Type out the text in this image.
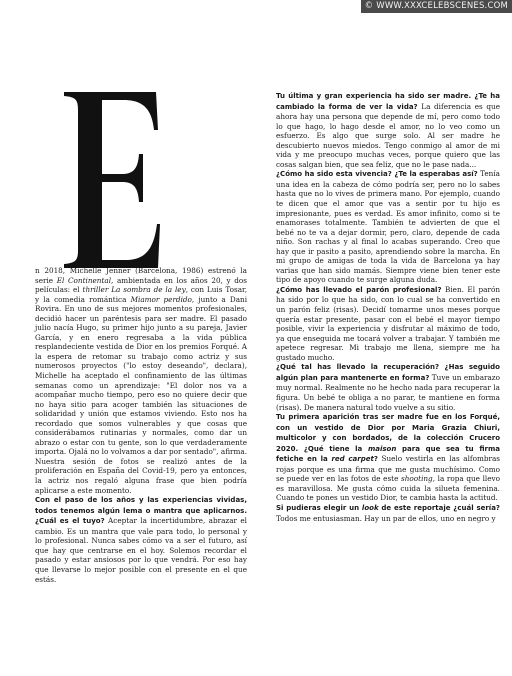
© WWW.XXXCELEBSCENES.COM

n 2018, Michelle Jenner (Barcelona, 1986) estrenó la serie El Continental, ambientada en los años 20, y dos películas: el thriller La sombra de la ley, con Luis Tosar, y la comedia romántica Miamor perdido, junto a Dani Rovira. En uno de sus mejores momentos profesionales, decidió hacer un paréntesis para ser madre. El pasado julio nacía Hugo, su primer hijo junto a su pareja, Javier García, y en enero regresaba a la vida pública resplandeciente vestida de Dior en los premios Forqué. A la espera de retomar su trabajo como actriz y sus numerosos proyectos ("lo estoy deseando", declara), Michelle ha aceptado el confinamiento de las últimas semanas como un aprendizaje: "El dolor nos va a acompañar mucho tiempo, pero eso no quiere decir que no haya sitio para acoger también las situaciones de solidaridad y unión que estamos viviendo. Esto nos ha recordado que somos vulnerables y que cosas que considerábamos rutinarias y normales, como dar un abrazo o estar con tu gente, son lo que verdaderamente importa. Ojalá no lo volvamos a dar por sentado", afirma. Nuestra sesión de fotos se realizó antes de la proliferación en España del Covid-19, pero ya entonces, la actriz nos regaló alguna frase que bien podría aplicarse a este momento.

Con el paso de los años y las experiencias vividas, todos tenemos algún lema o mantra que aplicarnos. ¿Cuál es el tuyo? Aceptar la incertidumbre, abrazar el cambio. Es un mantra que vale para todo, lo personal y lo profesional. Nunca sabes cómo va a ser el futuro, así que hay que centrarse en el hoy. Solemos recordar el pasado y estar ansiosos por lo que vendrá. Por eso hay que llevarse lo mejor posible con el presente en el que estás.

Tu última y gran experiencia ha sido ser madre. ¿Te ha cambiado la forma de ver la vida? La diferencia es que ahora hay una persona que depende de mí, pero como todo lo que hago, lo hago desde el amor, no lo veo como un esfuerzo. Es algo que surge solo. Al ser madre he descubierto nuevos miedos. Tengo conmigo al amor de mi vida y me preocupo muchas veces, porque quiero que las cosas salgan bien, que sea feliz, que no le pase nada...

¿Cómo ha sido esta vivencia? ¿Te la esperabas así? Tenía una idea en la cabeza de cómo podría ser, pero no lo sabes hasta que no lo vives de primera mano. Por ejemplo, cuando te dicen que el amor que vas a sentir por tu hijo es impresionante, pues es verdad. Es amor infinito, como si te enamorases totalmente. También te advierten de que el bebé no te va a dejar dormir, pero, claro, depende de cada niño. Son rachas y al final lo acabas superando. Creo que hay que ir pasito a pasito, aprendiendo sobre la marcha. En mi grupo de amigas de toda la vida de Barcelona ya hay varias que han sido mamás. Siempre viene bien tener este tipo de apoyo cuando te surge alguna duda.

¿Cómo has llevado el parón profesional? Bien. El parón ha sido por lo que ha sido, con lo cual se ha convertido en un parón feliz (risas). Decidí tomarme unos meses porque quería estar presente, pasar con el bebé el mayor tiempo posible, vivir la experiencia y disfrutar al máximo de todo, ya que enseguida me tocará volver a trabajar. Y también me apetece regresar. Mi trabajo me llena, siempre me ha gustado mucho.

¿Qué tal has llevado la recuperación? ¿Has seguido algún plan para mantenerte en forma? Tuve un embarazo muy normal. Realmente no he hecho nada para recuperar la figura. Un bebé te obliga a no parar, te mantiene en forma (risas). De manera natural todo vuelve a su sitio.

Tu primera aparición tras ser madre fue en los Forqué, con un vestido de Dior por Maria Grazia Chiuri, multicolor y con bordados, de la colección Crucero 2020. ¿Qué tiene la maison para que sea tu firma fetiche en la red carpet? Suelo vestirla en las alfombras rojas porque es una firma que me gusta muchísimo. Como se puede ver en las fotos de este shooting, la ropa que llevo es maravillosa. Me gusta cómo cuida la silueta femenina. Cuando te pones un vestido Dior, te cambia hasta la actitud.

Si pudieras elegir un look de este reportaje ¿cuál sería? Todos me entusiasman. Hay un par de ellos, uno en negro y
